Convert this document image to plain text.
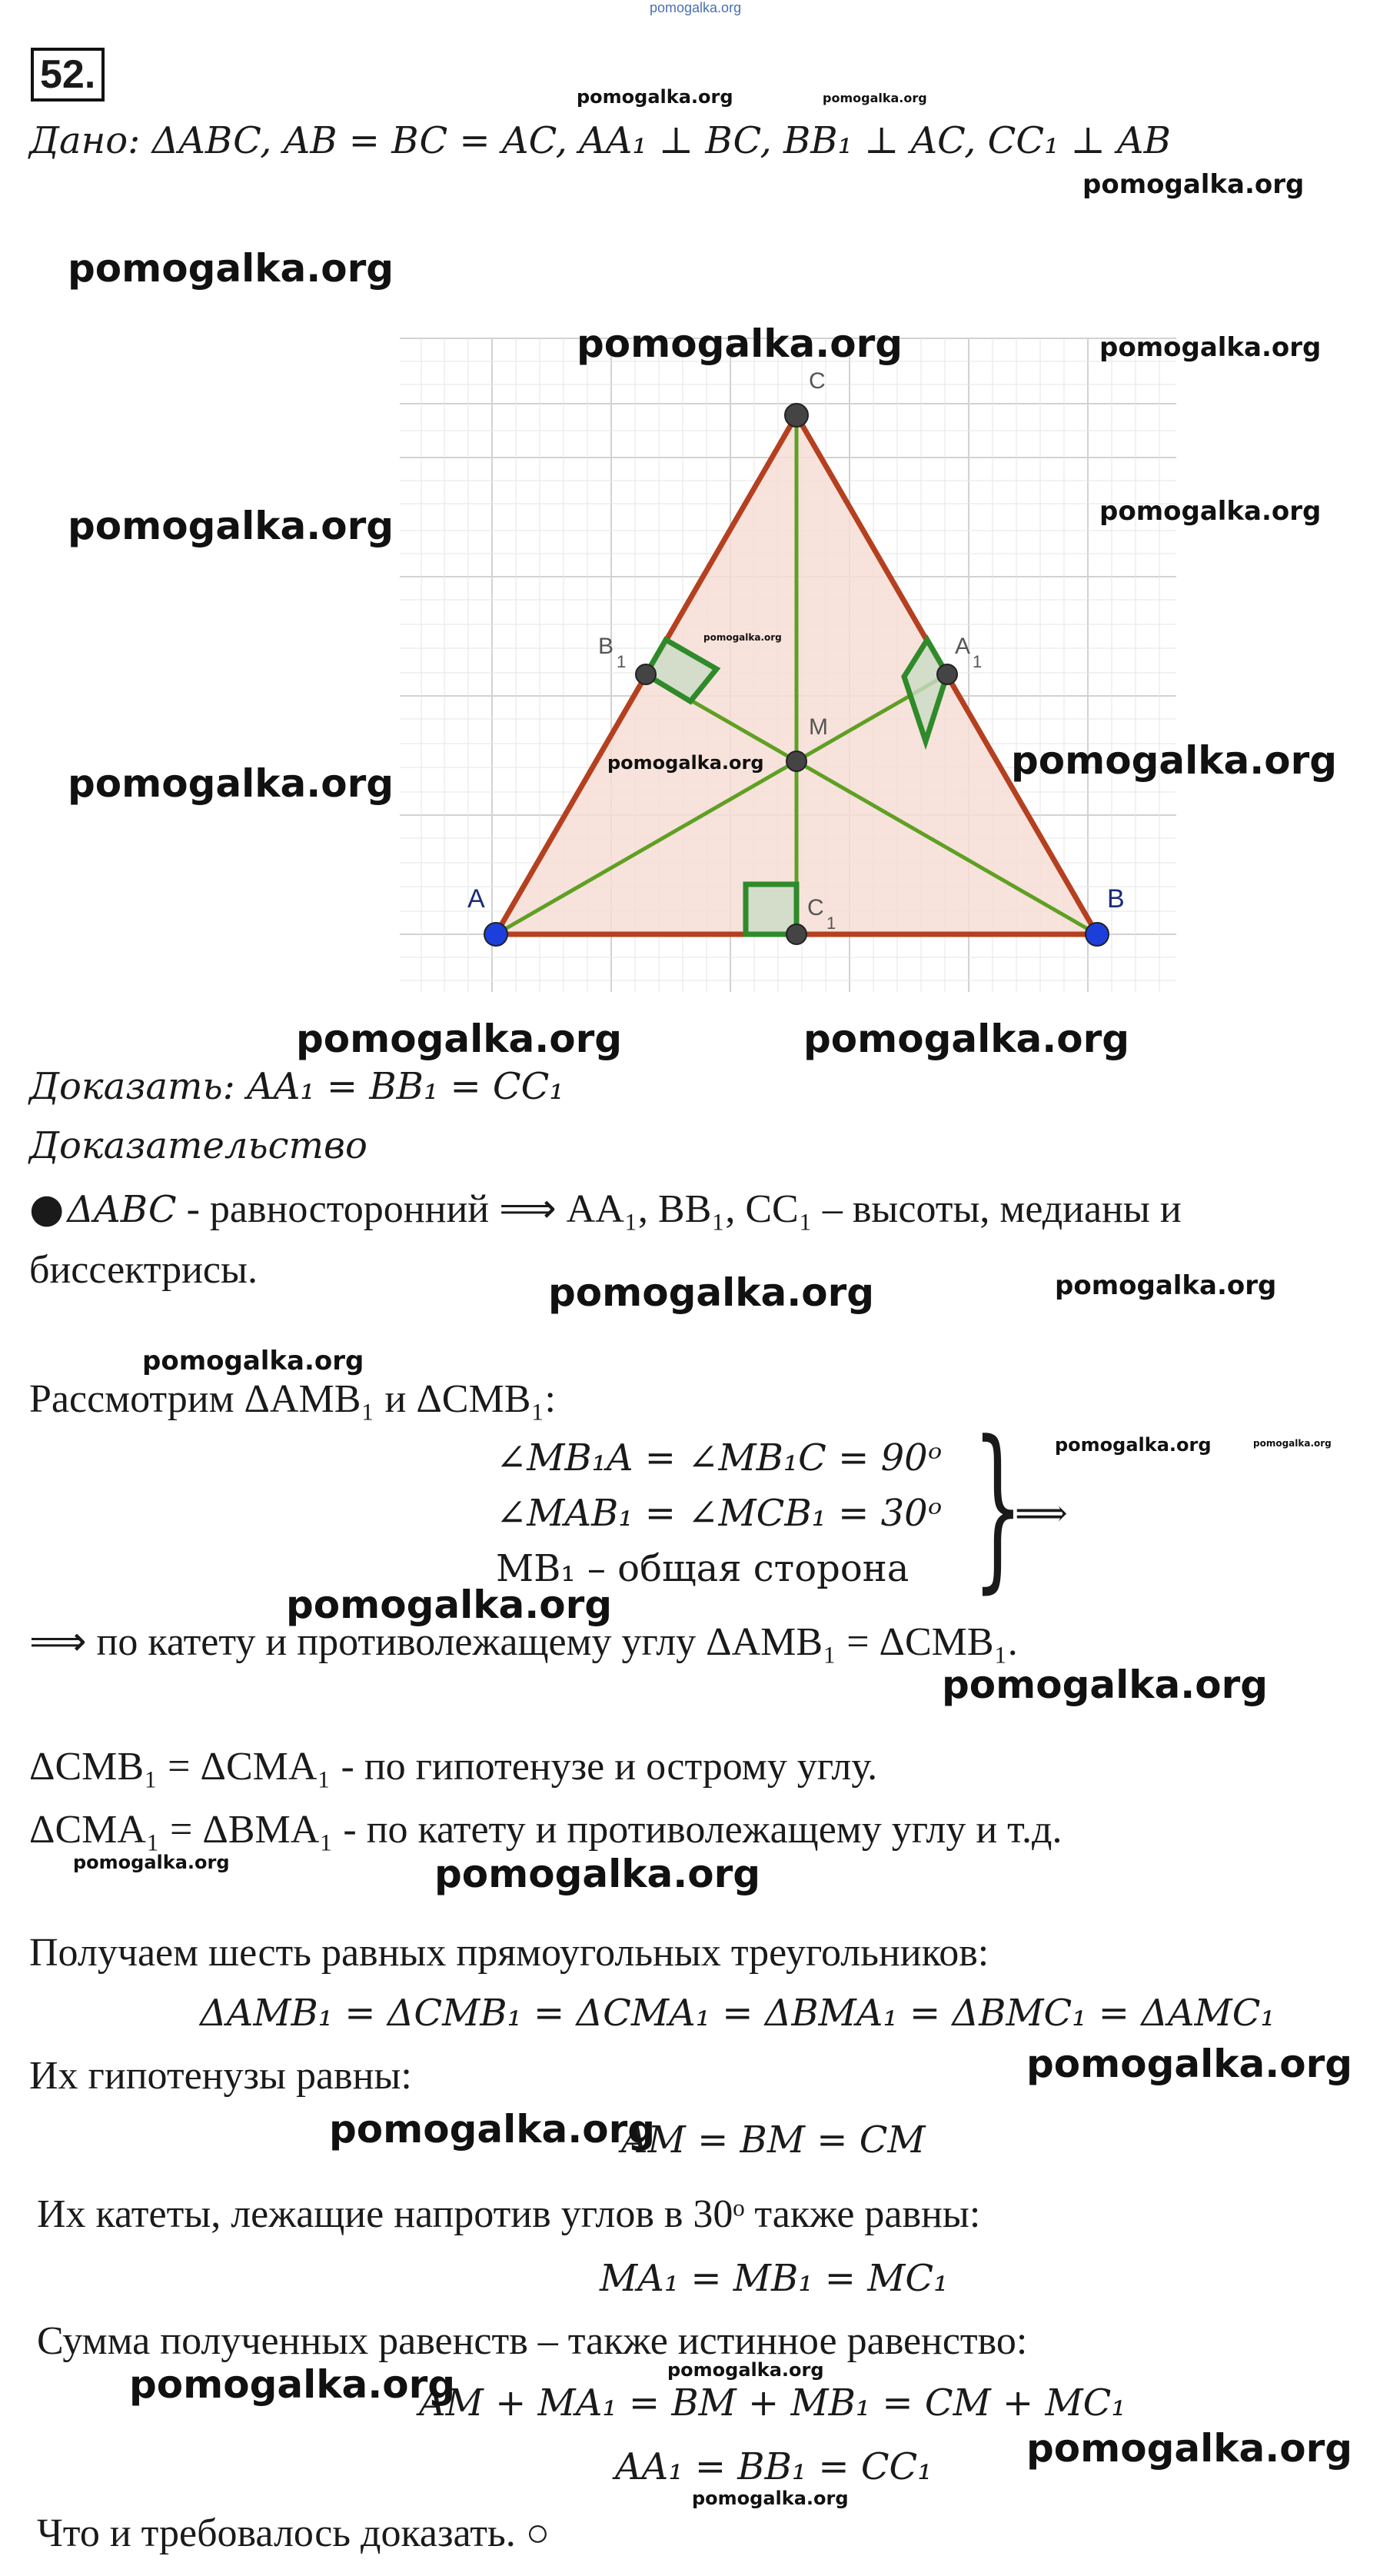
pomogalka.org
52.
Дано: ΔABC, AB = BC = AC, AA₁ ⊥ BC, BB₁ ⊥ AC, CC₁ ⊥ AB
A	B
C
M
B
1
A
1
C
1
Доказать: AA₁ = BB₁ = CC₁
Доказательство
● ΔABC - равносторонний ⟹ AA₁, BB₁, CC₁ – высоты, медианы и
биссектрисы.
Рассмотрим ΔAMB₁ и ΔCMB₁:
∠MB₁A = ∠MB₁C = 90ᵒ
∠MAB₁ = ∠MCB₁ = 30ᵒ
MB₁ – общая сторона }
⟹
⟹ по катету и противолежащему углу ΔAMB₁ = ΔCMB₁.
ΔCMB₁ = ΔCMA₁ - по гипотенузе и острому углу.
ΔCMA₁ = ΔBMA₁ - по катету и противолежащему углу и т.д.
Получаем шесть равных прямоугольных треугольников:
ΔAMB₁ = ΔCMB₁ = ΔCMA₁ = ΔBMA₁ = ΔBMC₁ = ΔAMC₁
Их гипотенузы равны:
AM = BM = CM
Их катеты, лежащие напротив углов в 30ᵒ также равны:
MA₁ = MB₁ = MC₁
Сумма полученных равенств – также истинное равенство:
AM + MA₁ = BM + MB₁ = CM + MC₁
AA₁ = BB₁ = CC₁
Что и требовалось доказать. ○
pomogalka.org	pomogalka.org
pomogalka.org
pomogalka.org
pomogalka.org	pomogalka.org
pomogalka.org	pomogalka.org
pomogalka.org
pomogalka.org
pomogalka.org
pomogalka.org
pomogalka.org	pomogalka.org
pomogalka.org	pomogalka.org
pomogalka.org
pomogalka.org	pomogalka.org
pomogalka.org
pomogalka.org
pomogalka.org	pomogalka.org
pomogalka.org
pomogalka.org
pomogalka.org
pomogalka.org
pomogalka.org
pomogalka.org
